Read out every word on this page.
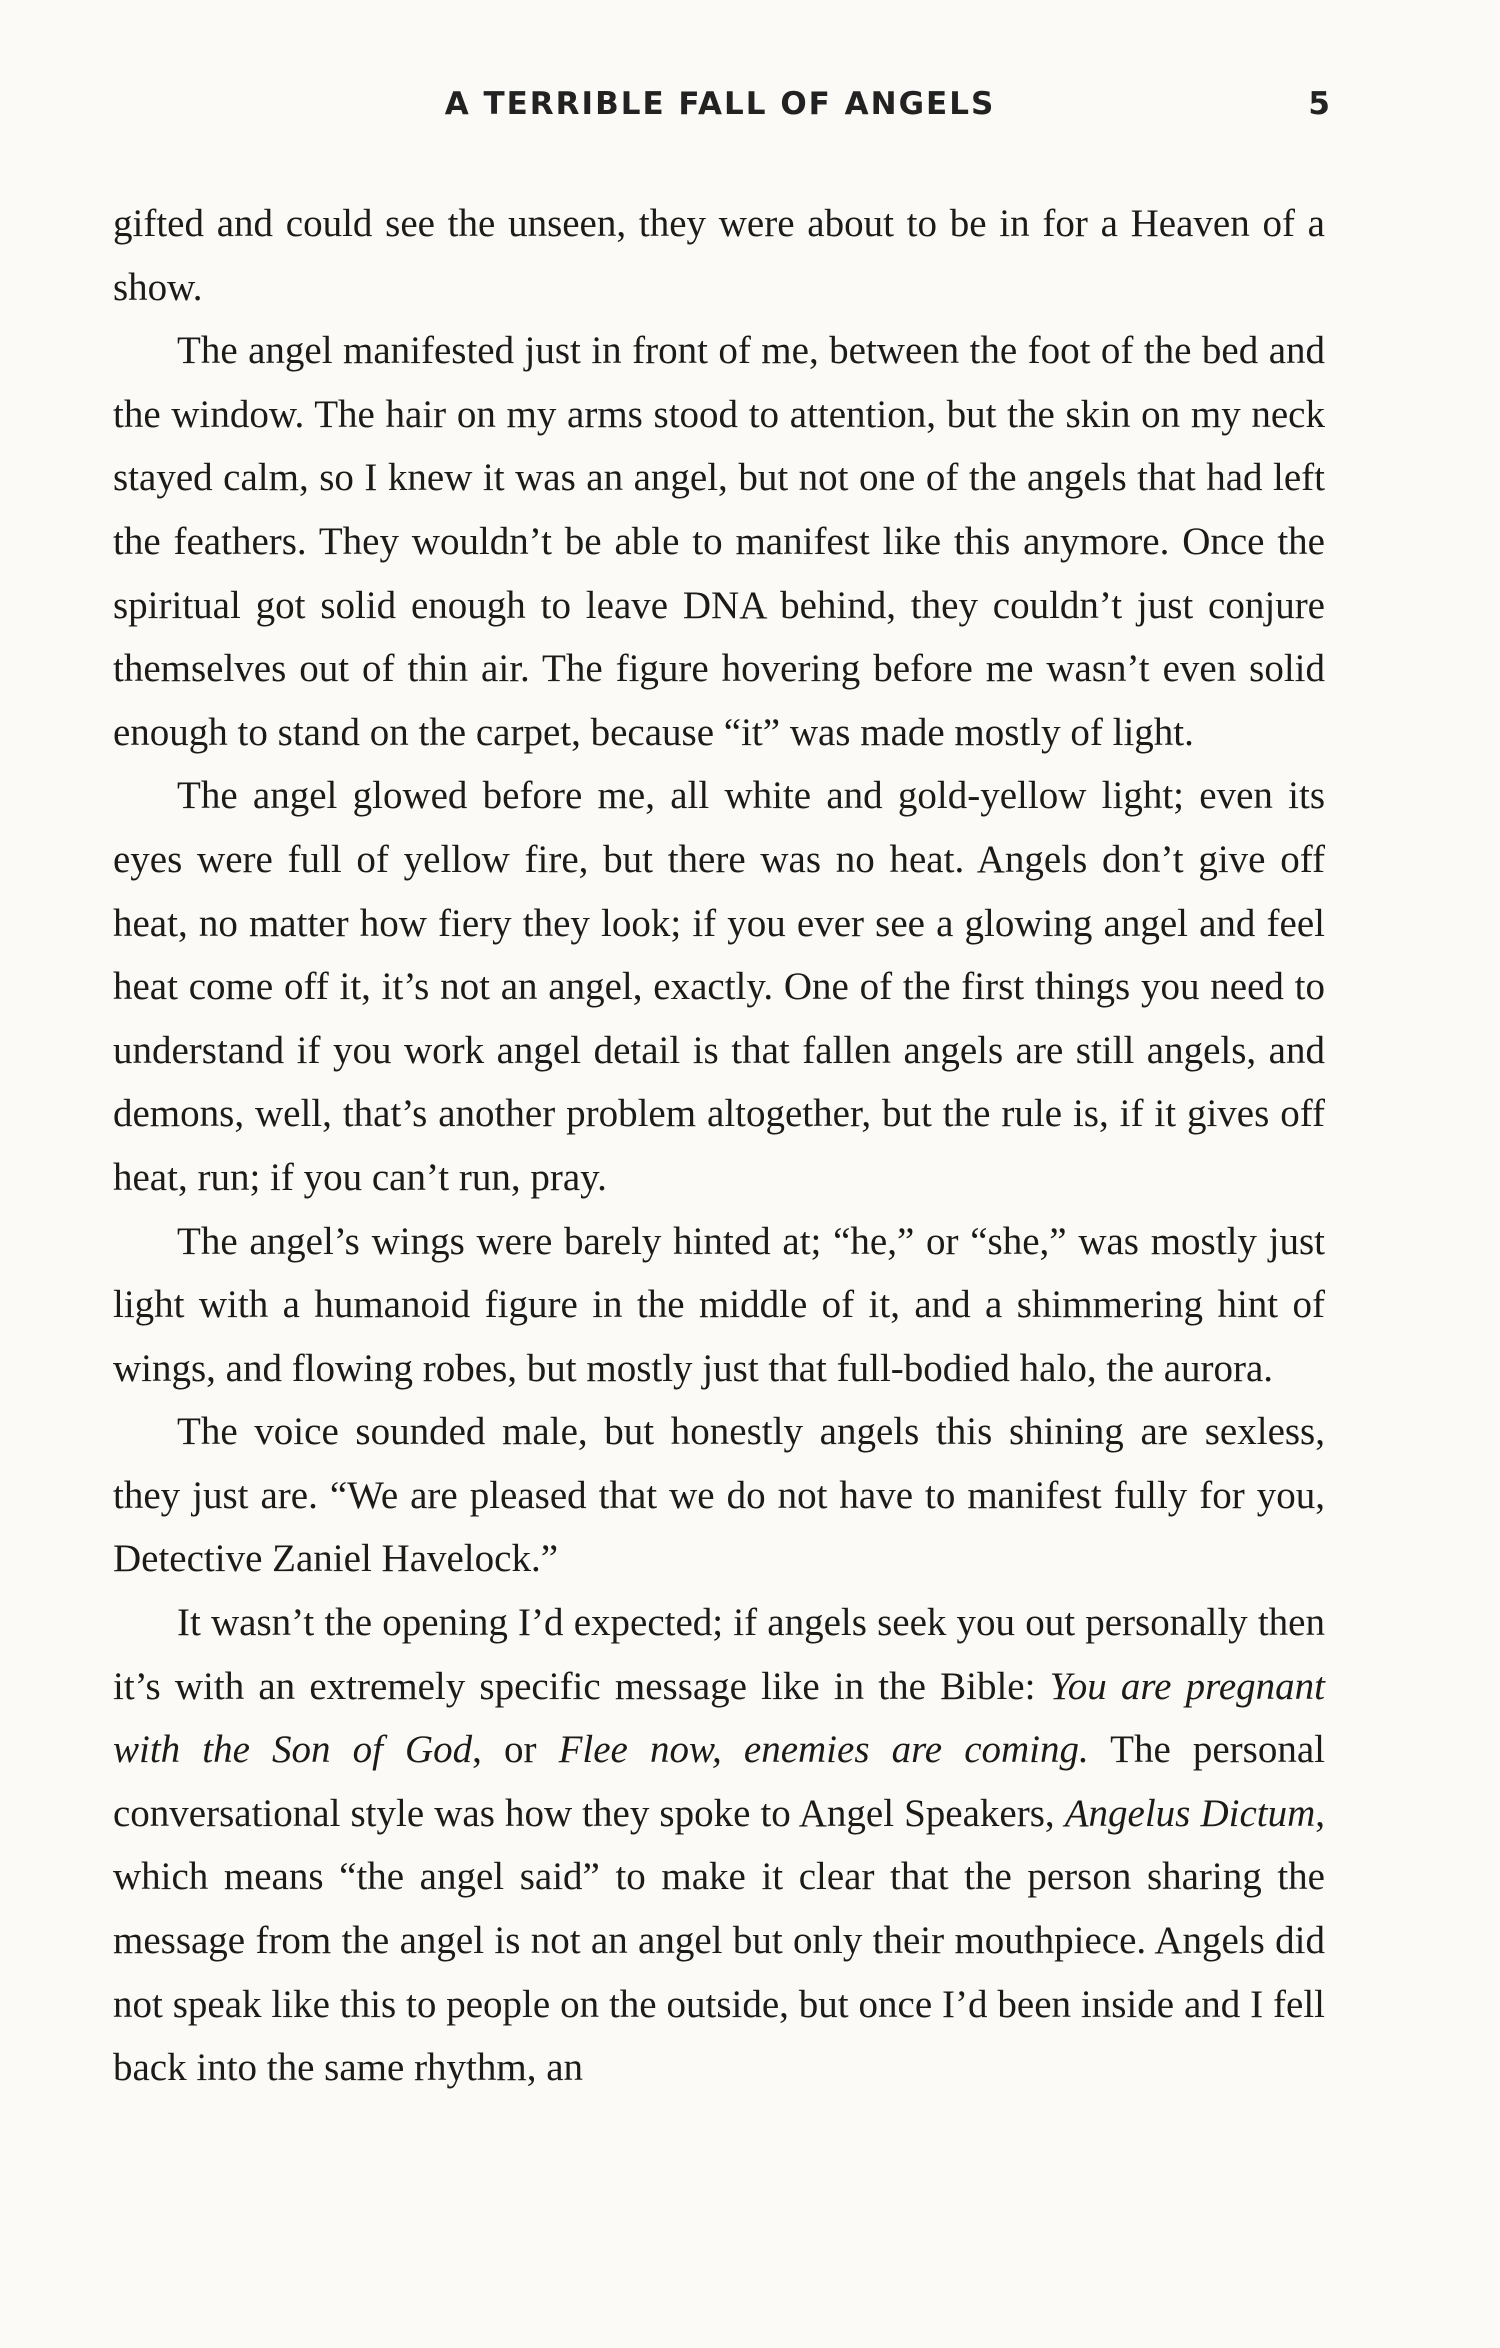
A TERRIBLE FALL OF ANGELS	5

gifted and could see the unseen, they were about to be in for a Heaven of a show.

The angel manifested just in front of me, between the foot of the bed and the window. The hair on my arms stood to attention, but the skin on my neck stayed calm, so I knew it was an angel, but not one of the angels that had left the feathers. They wouldn’t be able to manifest like this anymore. Once the spiritual got solid enough to leave DNA behind, they couldn’t just conjure themselves out of thin air. The figure hovering before me wasn’t even solid enough to stand on the carpet, because “it” was made mostly of light.

The angel glowed before me, all white and gold-yellow light; even its eyes were full of yellow fire, but there was no heat. Angels don’t give off heat, no matter how fiery they look; if you ever see a glowing angel and feel heat come off it, it’s not an angel, exactly. One of the first things you need to understand if you work angel detail is that fallen angels are still angels, and demons, well, that’s another problem altogether, but the rule is, if it gives off heat, run; if you can’t run, pray.

The angel’s wings were barely hinted at; “he,” or “she,” was mostly just light with a humanoid figure in the middle of it, and a shimmering hint of wings, and flowing robes, but mostly just that full-bodied halo, the aurora.

The voice sounded male, but honestly angels this shining are sexless, they just are. “We are pleased that we do not have to manifest fully for you, Detective Zaniel Havelock.”

It wasn’t the opening I’d expected; if angels seek you out personally then it’s with an extremely specific message like in the Bible: You are pregnant with the Son of God, or Flee now, enemies are coming. The personal conversational style was how they spoke to Angel Speakers, Angelus Dictum, which means “the angel said” to make it clear that the person sharing the message from the angel is not an angel but only their mouthpiece. Angels did not speak like this to people on the outside, but once I’d been inside and I fell back into the same rhythm, an
